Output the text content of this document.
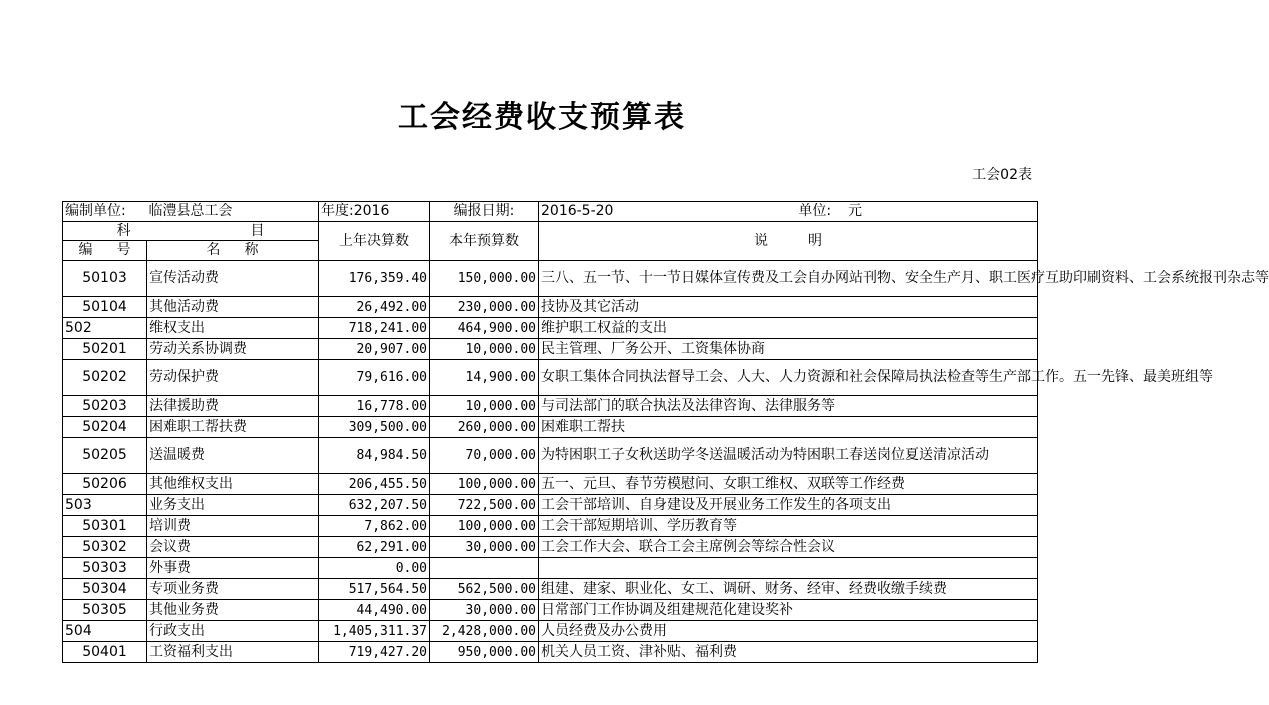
工会经费收支预算表
工会02表
编制单位:	临澧县总工会	年度:2016	编报日期:	2016-5-20 单位: 元
科 目		上年决算数	本年预算数	说 明
编 号	名 称			
50103	宣传活动费	176,359.40	150,000.00	三八、五一节、十一节日媒体宣传费及工会自办网站刊物、安全生产月、职工医疗互助印刷资料、工会系统报刊杂志等
50104	其他活动费	26,492.00	230,000.00	技协及其它活动
502	维权支出	718,241.00	464,900.00	维护职工权益的支出
50201	劳动关系协调费	20,907.00	10,000.00	民主管理、厂务公开、工资集体协商
50202	劳动保护费	79,616.00	14,900.00	女职工集体合同执法督导工会、人大、人力资源和社会保障局执法检查等生产部工作。五一先锋、最美班组等
50203	法律援助费	16,778.00	10,000.00	与司法部门的联合执法及法律咨询、法律服务等
50204	困难职工帮扶费	309,500.00	260,000.00	困难职工帮扶
50205	送温暖费	84,984.50	70,000.00	为特困职工子女秋送助学冬送温暖活动为特困职工春送岗位夏送清凉活动
50206	其他维权支出	206,455.50	100,000.00	五一、元旦、春节劳模慰问、女职工维权、双联等工作经费
503	业务支出	632,207.50	722,500.00	工会干部培训、自身建设及开展业务工作发生的各项支出
50301	培训费	7,862.00	100,000.00	工会干部短期培训、学历教育等
50302	会议费	62,291.00	30,000.00	工会工作大会、联合工会主席例会等综合性会议
50303	外事费	0.00		
50304	专项业务费	517,564.50	562,500.00	组建、建家、职业化、女工、调研、财务、经审、经费收缴手续费
50305	其他业务费	44,490.00	30,000.00	日常部门工作协调及组建规范化建设奖补
504	行政支出	1,405,311.37	2,428,000.00	人员经费及办公费用
50401	工资福利支出	719,427.20	950,000.00	机关人员工资、津补贴、福利费
